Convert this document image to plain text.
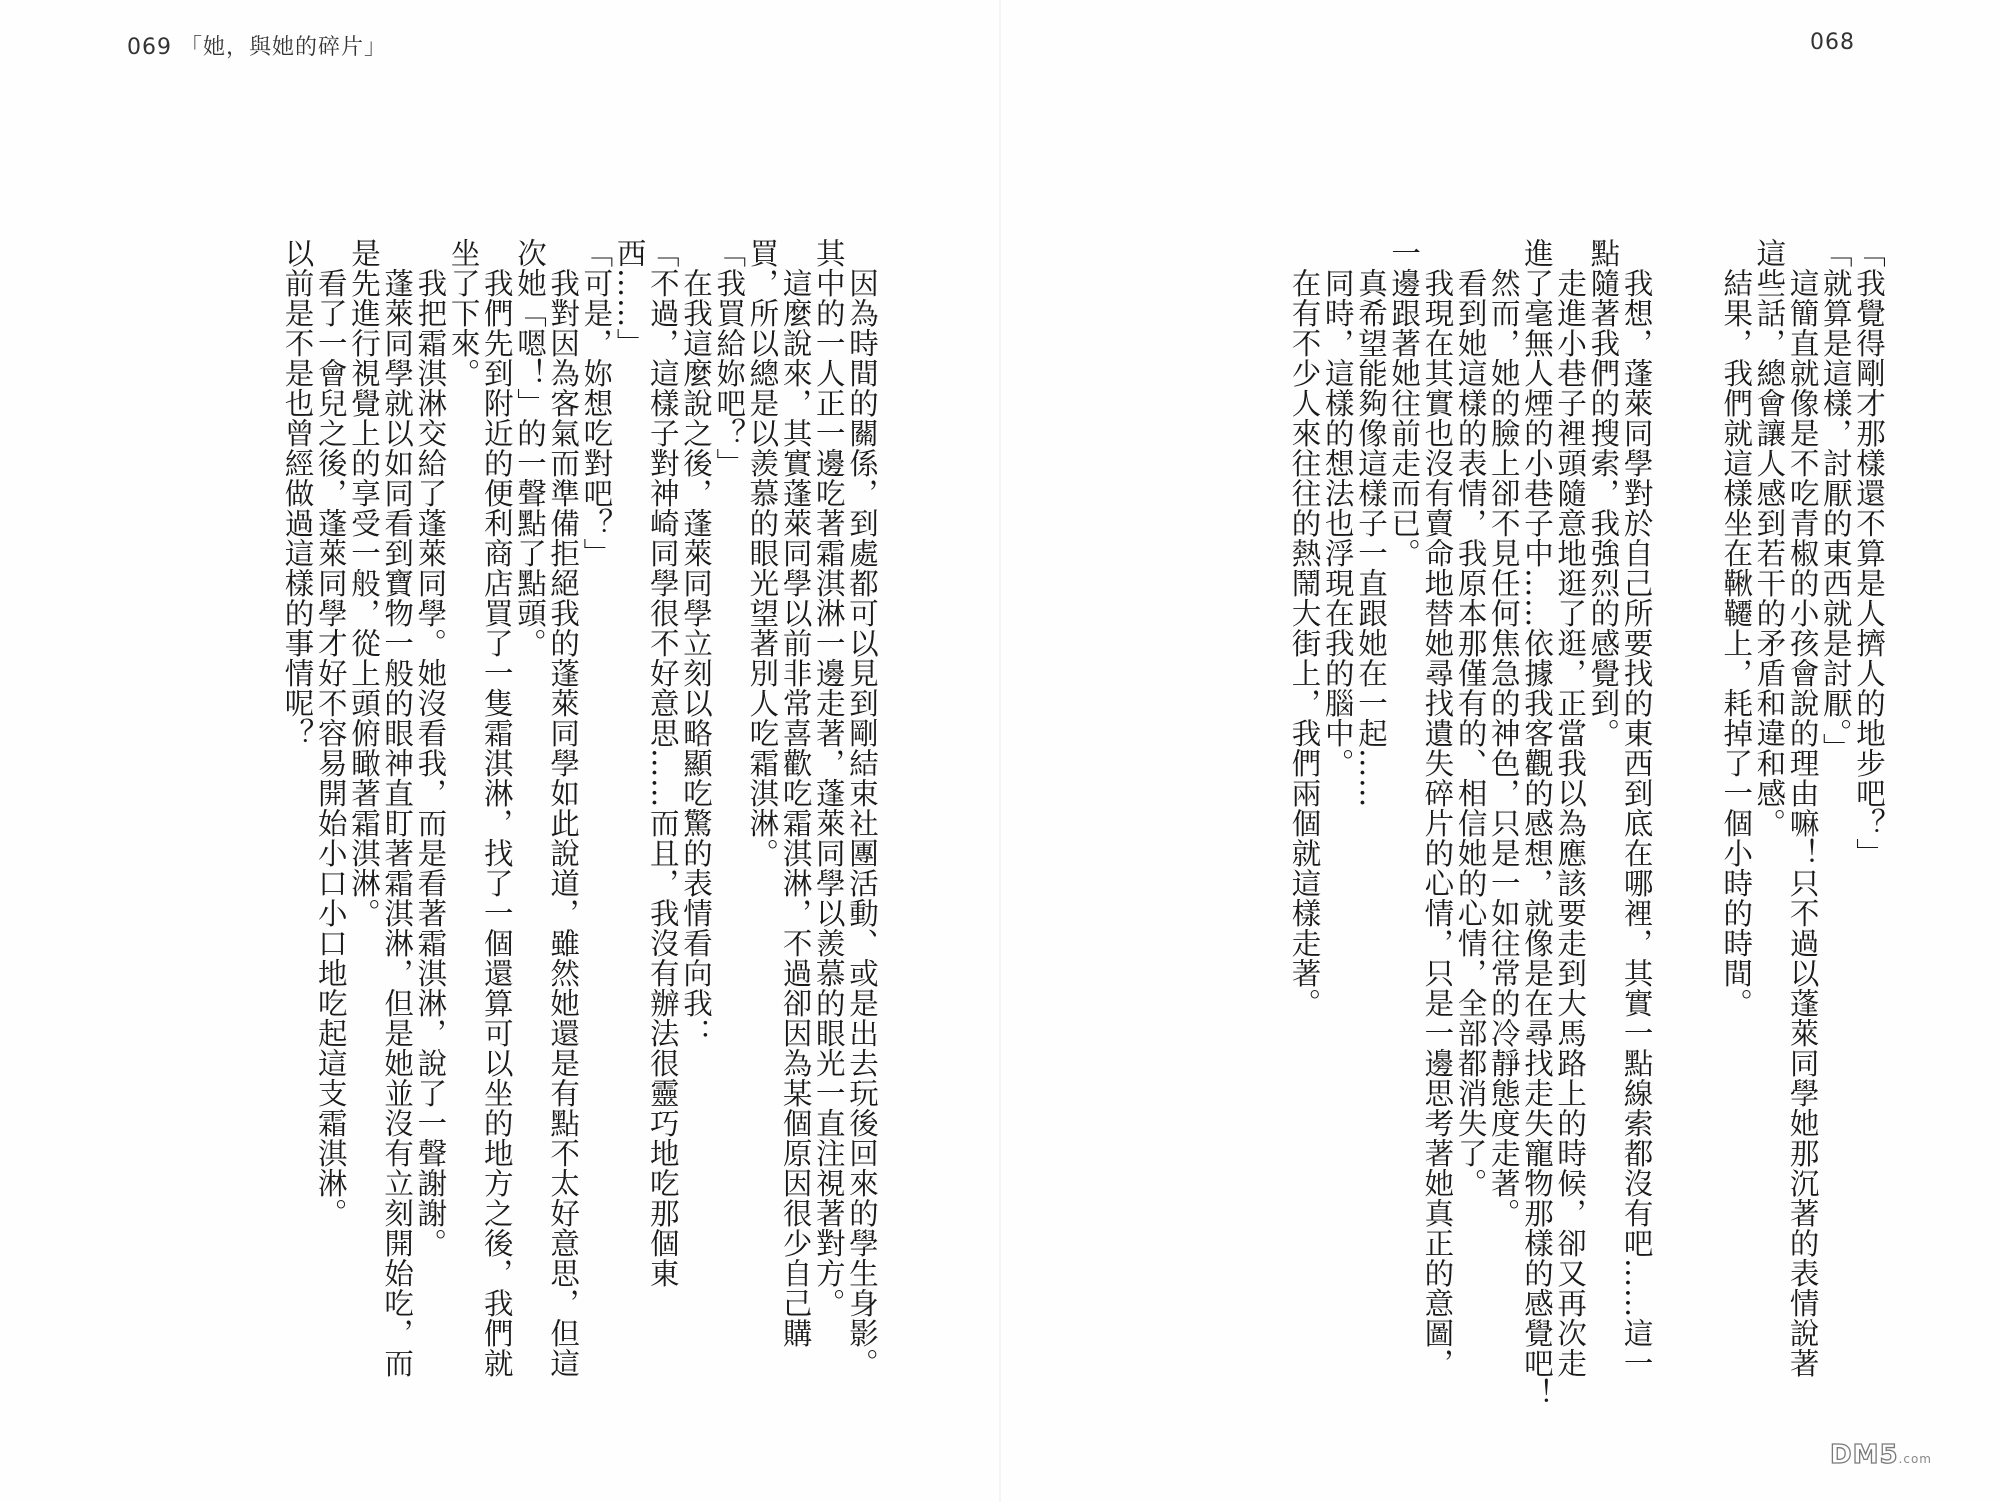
069 「她，與她的碎片」	068
「我覺得剛才那樣還不算是人擠人的地步吧？」
「就算是這樣，討厭的東西就是討厭。」
　這簡直就像是不吃青椒的小孩會說的理由嘛！只不過以蓬萊同學她那沉著的表情說著
這些話，總會讓人感到若干的矛盾和違和感。
　結果，我們就這樣坐在鞦韆上，耗掉了一個小時的時間。
　我想，蓬萊同學對於自己所要找的東西到底在哪裡，其實一點線索都沒有吧……這一
點隨著我們的搜索，我強烈的感覺到。
　走進小巷子裡頭隨意地逛了逛，正當我以為應該要走到大馬路上的時候，卻又再次走
進了毫無人煙的小巷子中……依據我客觀的感想，就像是在尋找走失寵物那樣的感覺吧！
　然而，她的臉上卻不見任何焦急的神色，只是一如往常的冷靜態度走著。
　看到她這樣的表情，我原本那僅有的、相信她的心情，全部都消失了。
　我現在其實也沒有賣命地替她尋找遺失碎片的心情，只是一邊思考著她真正的意圖，
一邊跟著她往前走而已。
　真希望能夠像這樣子一直跟她在一起……
　同時，這樣的想法也浮現在我的腦中。
　在有不少人來往往的熱鬧大街上，我們兩個就這樣走著。
　因為時間的關係，到處都可以見到剛結束社團活動、或是出去玩後回來的學生身影。
其中的一人正一邊吃著霜淇淋一邊走著，蓬萊同學以羨慕的眼光一直注視著對方。
　這麼說來，其實蓬萊同學以前非常喜歡吃霜淇淋，不過卻因為某個原因很少自己購
買，所以總是以羨慕的眼光望著別人吃霜淇淋。
「我買給妳吧？」
　在我這麼說之後，蓬萊同學立刻以略顯吃驚的表情看向我：
「不過，這樣子對神崎同學很不好意思……而且，我沒有辦法很靈巧地吃那個東
西……」
「可是，妳想吃對吧？」
　我對因為客氣而準備拒絕我的蓬萊同學如此說道，雖然她還是有點不太好意思，但這
次她「嗯！」的一聲點了點頭。
　我們先到附近的便利商店買了一隻霜淇淋，找了一個還算可以坐的地方之後，我們就
坐了下來。
　我把霜淇淋交給了蓬萊同學。她沒看我，而是看著霜淇淋，說了一聲謝謝。
　蓬萊同學就以如同看到寶物一般的眼神直盯著霜淇淋，但是她並沒有立刻開始吃，而
是先進行視覺上的享受一般，從上頭俯瞰著霜淇淋。
　看了一會兒之後，蓬萊同學才好不容易開始小口小口地吃起這支霜淇淋。
以前是不是也曾經做過這樣的事情呢？
DM5.com
